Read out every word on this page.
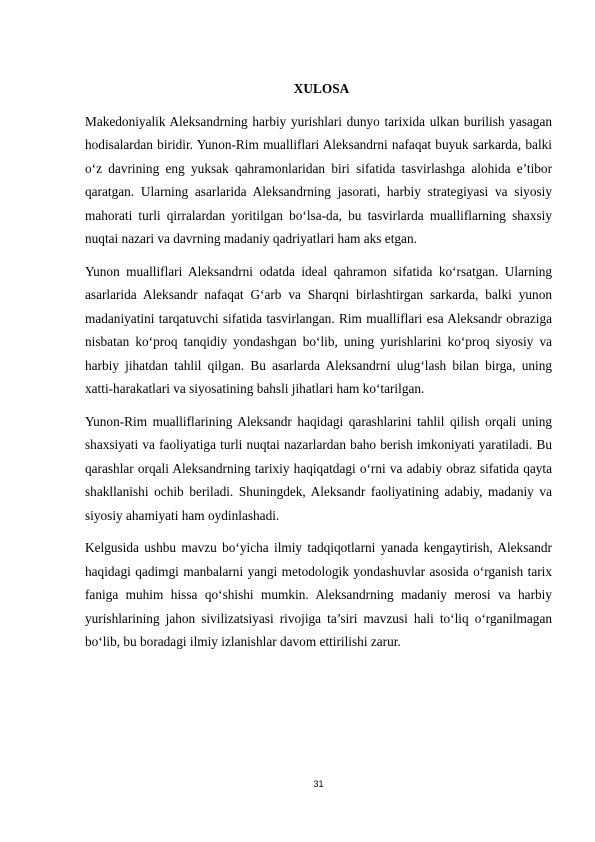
XULOSA

Makedoniyalik Aleksandrning harbiy yurishlari dunyo tarixida ulkan burilish yasagan hodisalardan biridir. Yunon-Rim mualliflari Aleksandrni nafaqat buyuk sarkarda, balki o‘z davrining eng yuksak qahramonlaridan biri sifatida tasvirlashga alohida e’tibor qaratgan. Ularning asarlarida Aleksandrning jasorati, harbiy strategiyasi va siyosiy mahorati turli qirralardan yoritilgan bo‘lsa-da, bu tasvirlarda mualliflarning shaxsiy nuqtai nazari va davrning madaniy qadriyatlari ham aks etgan.

Yunon mualliflari Aleksandrni odatda ideal qahramon sifatida ko‘rsatgan. Ularning asarlarida Aleksandr nafaqat G‘arb va Sharqni birlashtirgan sarkarda, balki yunon madaniyatini tarqatuvchi sifatida tasvirlangan. Rim mualliflari esa Aleksandr obraziga nisbatan ko‘proq tanqidiy yondashgan bo‘lib, uning yurishlarini ko‘proq siyosiy va harbiy jihatdan tahlil qilgan. Bu asarlarda Aleksandrni ulug‘lash bilan birga, uning xatti-harakatlari va siyosatining bahsli jihatlari ham ko‘tarilgan.

Yunon-Rim mualliflarining Aleksandr haqidagi qarashlarini tahlil qilish orqali uning shaxsiyati va faoliyatiga turli nuqtai nazarlardan baho berish imkoniyati yaratiladi. Bu qarashlar orqali Aleksandrning tarixiy haqiqatdagi o‘rni va adabiy obraz sifatida qayta shakllanishi ochib beriladi. Shuningdek, Aleksandr faoliyatining adabiy, madaniy va siyosiy ahamiyati ham oydinlashadi.

Kelgusida ushbu mavzu bo‘yicha ilmiy tadqiqotlarni yanada kengaytirish, Aleksandr haqidagi qadimgi manbalarni yangi metodologik yondashuvlar asosida o‘rganish tarix faniga muhim hissa qo‘shishi mumkin. Aleksandrning madaniy merosi va harbiy yurishlarining jahon sivilizatsiyasi rivojiga ta’siri mavzusi hali to‘liq o‘rganilmagan bo‘lib, bu boradagi ilmiy izlanishlar davom ettirilishi zarur.

31
